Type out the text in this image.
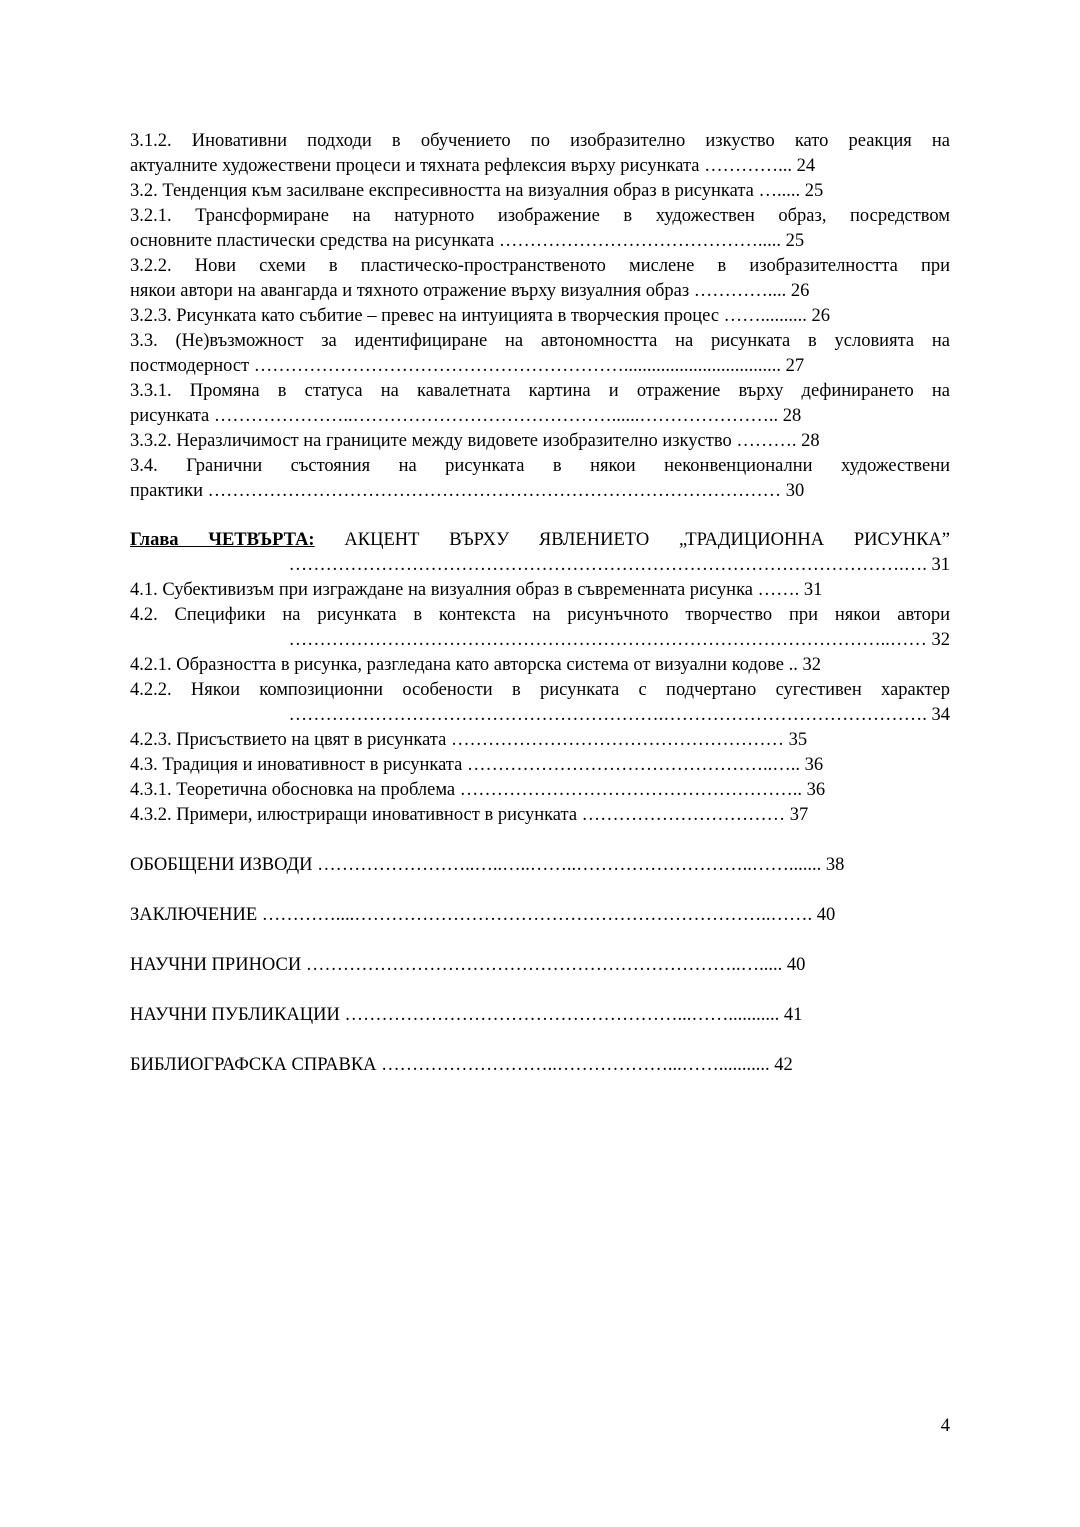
3.1.2. Иновативни подходи в обучението по изобразително изкуство като реакция на
актуалните художествени процеси и тяхната рефлексия върху рисунката …………... 24
3.2. Тенденция към засилване експресивността на визуалния образ в рисунката …..... 25
3.2.1. Трансформиране на натурното изображение в художествен образ, посредством
основните пластически средства на рисунката ……………………………………..... 25
3.2.2. Нови схеми в пластическо-пространственото мислене в изобразителността при
някои автори на авангарда и тяхното отражение върху визуалния образ ………….... 26
3.2.3. Рисунката като събитие – превес на интуицията в творческия процес …….......... 26
3.3. (Не)възможност за идентифициране на автономността на рисунката в условията на
постмодерност …………………………………………………….................................. 27
3.3.1. Промяна в статуса на кавалетната картина и отражение върху дефинирането на
рисунката …………………..……………………………………......………………….. 28
3.3.2. Неразличимост на границите между видовете изобразително изкуство ………. 28
3.4. Гранични състояния на рисунката в някои неконвенционални художествени
практики ………………………………………………………………………………… 30
Глава ЧЕТВЪРТА: АКЦЕНТ ВЪРХУ ЯВЛЕНИЕТО „ТРАДИЦИОННА РИСУНКА”
……………………………………………………………………………………….…. 31
4.1. Субективизъм при изграждане на визуалния образ в съвременната рисунка ……. 31
4.2. Специфики на рисунката в контекста на рисунъчното творчество при някои автори
……………………………………………………………………………………..…… 32
4.2.1. Образността в рисунка, разгледана като авторска система от визуални кодове .. 32
4.2.2. Някои композиционни особености в рисунката с подчертано сугестивен характер
…………………………………………………….……………………………………. 34
4.2.3. Присъствието на цвят в рисунката ……………………………………………… 35
4.3. Традиция и иновативност в рисунката …………………………………………..….. 36
4.3.1. Теоретична обосновка на проблема ……………………………………………….. 36
4.3.2. Примери, илюстриращи иновативност в рисунката …………………………… 37
ОБОБЩЕНИ ИЗВОДИ ……………………..…..…..……..………………………..……....... 38
ЗАКЛЮЧЕНИЕ …………....…………………………………………………………..……. 40
НАУЧНИ ПРИНОСИ ……………………………………………………………..…..... 40
НАУЧНИ ПУБЛИКАЦИИ ………………………………………………...……........... 41
БИБЛИОГРАФСКА СПРАВКА ………………………..………………...……........... 42
4
